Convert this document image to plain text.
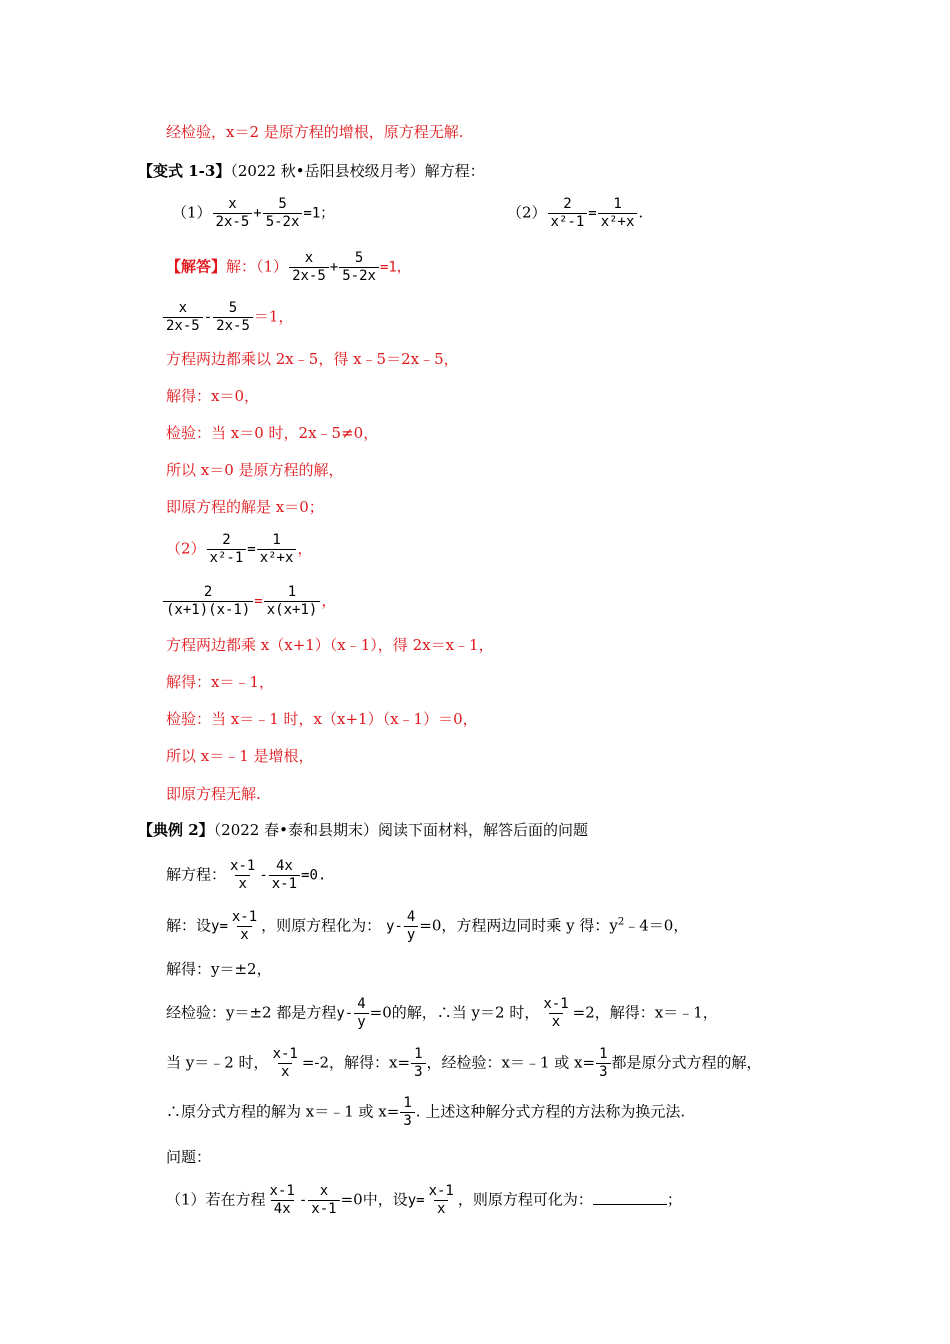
经检验，x＝2 是原方程的增根，原方程无解.
【变式 1-3】（2022 秋•岳阳县校级月考）解方程：
$(1) \frac{x}{2x-5} + \frac{5}{5-2x} =1$；	$(2) \frac{2}{\text{x²-1}} = \frac{1}{\text{x²+x}}$ .
【解答】解：$(1) \frac{x}{2x-5} + \frac{5}{5-2x} =1$，
$\frac{x}{2x-5} - \frac{5}{2x-5} =1$，
方程两边都乘以 2x﹣5，得 x﹣5＝2x﹣5，
解得：x＝0，
检验：当 x＝0 时，2x﹣5≠0，
所以 x＝0 是原方程的解，
即原方程的解是 x＝0；
$(2) \frac{2}{\text{x²-1}} = \frac{1}{\text{x²+x}}$ ，
$\frac{2}{(x+1)(x-1)} = \frac{1}{x(x+1)}$ ，
方程两边都乘 x（x+1）（x﹣1），得 2x＝x﹣1，
解得：x＝﹣1，
检验：当 x＝﹣1 时，x（x+1）（x﹣1）＝0，
所以 x＝﹣1 是增根，
即原方程无解.
【典例 2】（2022 春•泰和县期末）阅读下面材料，解答后面的问题
解方程： $\frac{x-1}{x} - \frac{4x}{x-1} =0$.
解：设$y= \frac{x-1}{x}$ ，则原方程化为： $y- \frac{4}{y} =0$，方程两边同时乘 y 得：$y^2﹣4=0$，
解得：y＝±2，
经检验：y＝±2 都是方程$y- \frac{4}{y} =0$的解，∴当 y＝2 时， $\frac{x-1}{x} =2$，解得：x＝﹣1，
当 y＝﹣2 时， $\frac{x-1}{x} =-2$，解得：$x= \frac{1}{3}$ ，经检验：x＝﹣1 或 $x= \frac{1}{3}$ 都是原分式方程的解，
∴原分式方程的解为 x＝﹣1 或 $x= \frac{1}{3}$ . 上述这种解分式方程的方法称为换元法.
问题：
（1）若在方程 $\frac{x-1}{4x} - \frac{x}{x-1} =0$中，设$y= \frac{x-1}{x}$ ，则原方程可化为：	；
